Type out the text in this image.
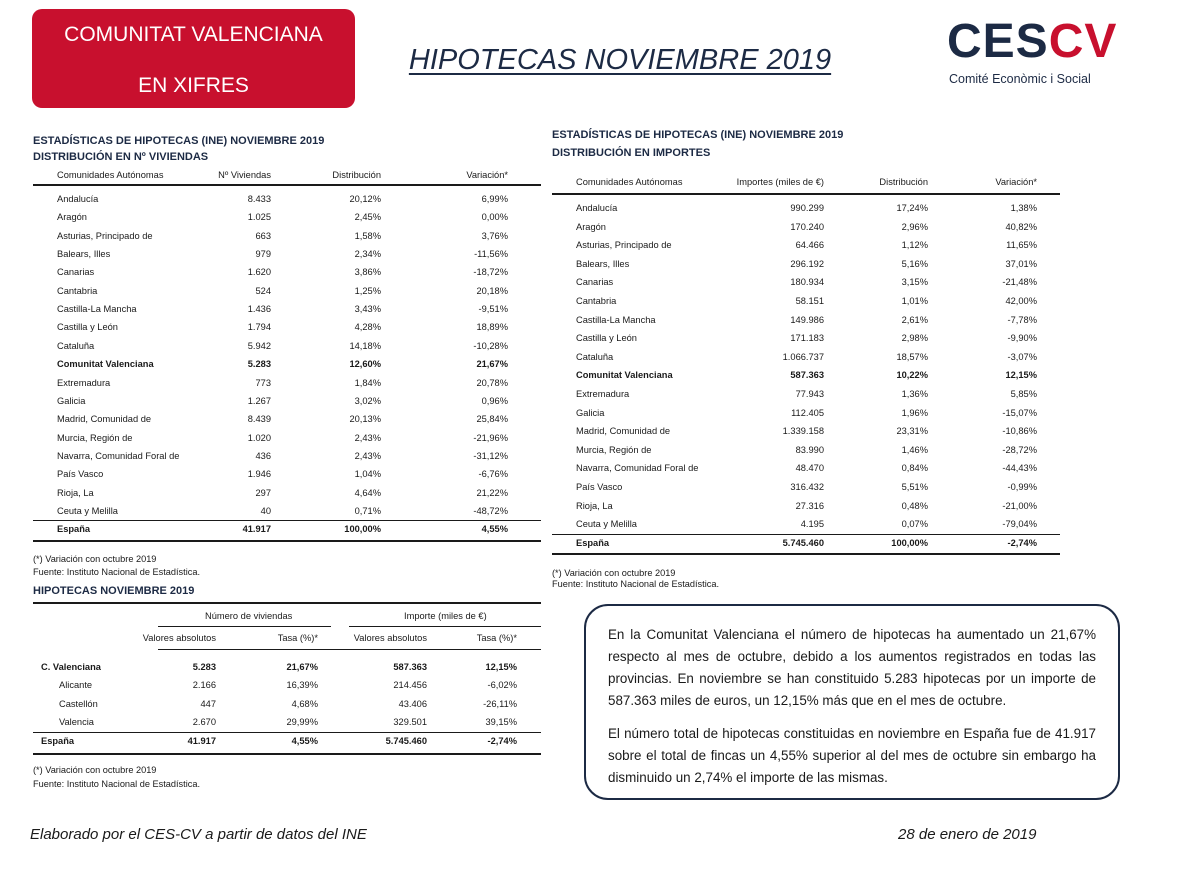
COMUNITAT VALENCIANA
EN XIFRES
HIPOTECAS NOVIEMBRE 2019	CESCV
Comité Econòmic i Social
ESTADÍSTICAS DE HIPOTECAS (INE) NOVIEMBRE 2019
DISTRIBUCIÓN EN Nº VIVIENDAS
Comunidades Autónomas	Nº Viviendas	Distribución	Variación*
Andalucía	8.433	20,12%	6,99%
Aragón	1.025	2,45%	0,00%
Asturias, Principado de	663	1,58%	3,76%
Balears, Illes	979	2,34%	-11,56%
Canarias	1.620	3,86%	-18,72%
Cantabria	524	1,25%	20,18%
Castilla-La Mancha	1.436	3,43%	-9,51%
Castilla y León	1.794	4,28%	18,89%
Cataluña	5.942	14,18%	-10,28%
Comunitat Valenciana	5.283	12,60%	21,67%
Extremadura	773	1,84%	20,78%
Galicia	1.267	3,02%	0,96%
Madrid, Comunidad de	8.439	20,13%	25,84%
Murcia, Región de	1.020	2,43%	-21,96%
Navarra, Comunidad Foral de	436	2,43%	-31,12%
País Vasco	1.946	1,04%	-6,76%
Rioja, La	297	4,64%	21,22%
Ceuta y Melilla	40	0,71%	-48,72%
España	41.917	100,00%	4,55%
(*) Variación con octubre 2019
Fuente: Instituto Nacional de Estadística.
ESTADÍSTICAS DE HIPOTECAS (INE) NOVIEMBRE 2019
DISTRIBUCIÓN EN IMPORTES
Comunidades Autónomas	Importes (miles de €)	Distribución	Variación*
Andalucía	990.299	17,24%	1,38%
Aragón	170.240	2,96%	40,82%
Asturias, Principado de	64.466	1,12%	11,65%
Balears, Illes	296.192	5,16%	37,01%
Canarias	180.934	3,15%	-21,48%
Cantabria	58.151	1,01%	42,00%
Castilla-La Mancha	149.986	2,61%	-7,78%
Castilla y León	171.183	2,98%	-9,90%
Cataluña	1.066.737	18,57%	-3,07%
Comunitat Valenciana	587.363	10,22%	12,15%
Extremadura	77.943	1,36%	5,85%
Galicia	112.405	1,96%	-15,07%
Madrid, Comunidad de	1.339.158	23,31%	-10,86%
Murcia, Región de	83.990	1,46%	-28,72%
Navarra, Comunidad Foral de	48.470	0,84%	-44,43%
País Vasco	316.432	5,51%	-0,99%
Rioja, La	27.316	0,48%	-21,00%
Ceuta y Melilla	4.195	0,07%	-79,04%
España	5.745.460	100,00%	-2,74%
(*) Variación con octubre 2019
Fuente: Instituto Nacional de Estadística.
HIPOTECAS NOVIEMBRE 2019
Número de viviendas	Importe (miles de €)
Valores absolutos	Tasa (%)*	Valores absolutos	Tasa (%)*
C. Valenciana	5.283	21,67%	587.363	12,15%
Alicante	2.166	16,39%	214.456	-6,02%
Castellón	447	4,68%	43.406	-26,11%
Valencia	2.670	29,99%	329.501	39,15%
España	41.917	4,55%	5.745.460	-2,74%
(*) Variación con octubre 2019
Fuente: Instituto Nacional de Estadística.

En la Comunitat Valenciana el número de hipotecas ha aumentado un 21,67% respecto al mes de octubre, debido a los aumentos registrados en todas las provincias. En noviembre se han constituido 5.283 hipotecas por un importe de 587.363 miles de euros, un 12,15% más que en el mes de octubre.

El número total de hipotecas constituidas en noviembre en España fue de 41.917 sobre el total de fincas un 4,55% superior al del mes de octubre sin embargo ha disminuido un 2,74% el importe de las mismas.

Elaborado por el CES-CV a partir de datos del INE	28 de enero de 2019
